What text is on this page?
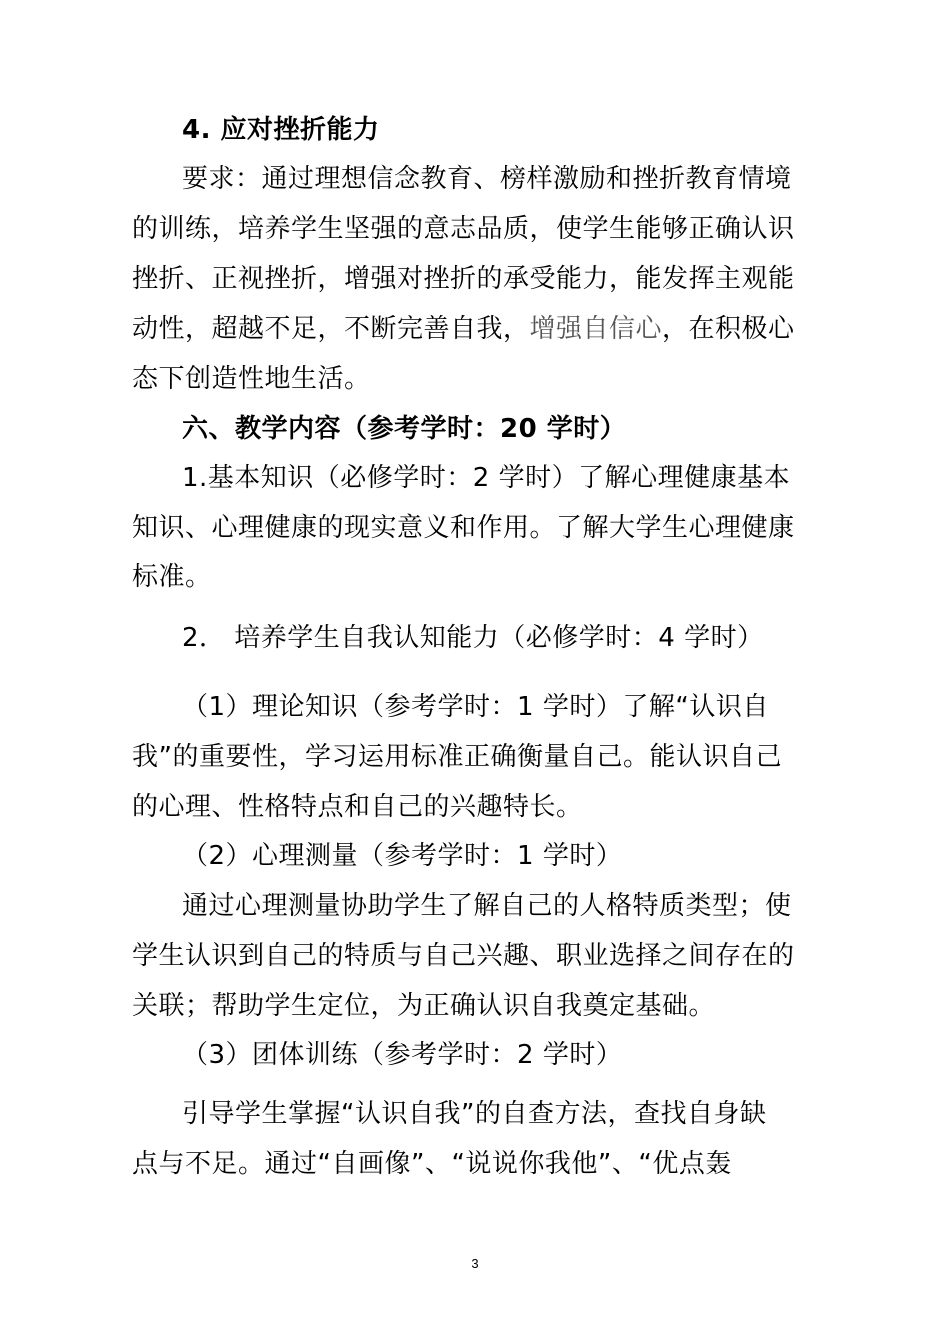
4. 应对挫折能力
要求：通过理想信念教育、榜样激励和挫折教育情境
的训练，培养学生坚强的意志品质，使学生能够正确认识
挫折、正视挫折，增强对挫折的承受能力，能发挥主观能
动性，超越不足，不断完善自我，增强自信心，在积极心
态下创造性地生活。
六、教学内容（参考学时：20 学时）
1.基本知识（必修学时：2 学时）了解心理健康基本
知识、心理健康的现实意义和作用。了解大学生心理健康
标准。
2． 培养学生自我认知能力（必修学时：4 学时）
（1）理论知识（参考学时：1 学时）了解“认识自
我”的重要性，学习运用标准正确衡量自己。能认识自己
的心理、性格特点和自己的兴趣特长。
（2）心理测量（参考学时：1 学时）
通过心理测量协助学生了解自己的人格特质类型；使
学生认识到自己的特质与自己兴趣、职业选择之间存在的
关联；帮助学生定位，为正确认识自我奠定基础。
（3）团体训练（参考学时：2 学时）
引导学生掌握“认识自我”的自查方法，查找自身缺
点与不足。通过“自画像”、“说说你我他”、“优点轰
3
